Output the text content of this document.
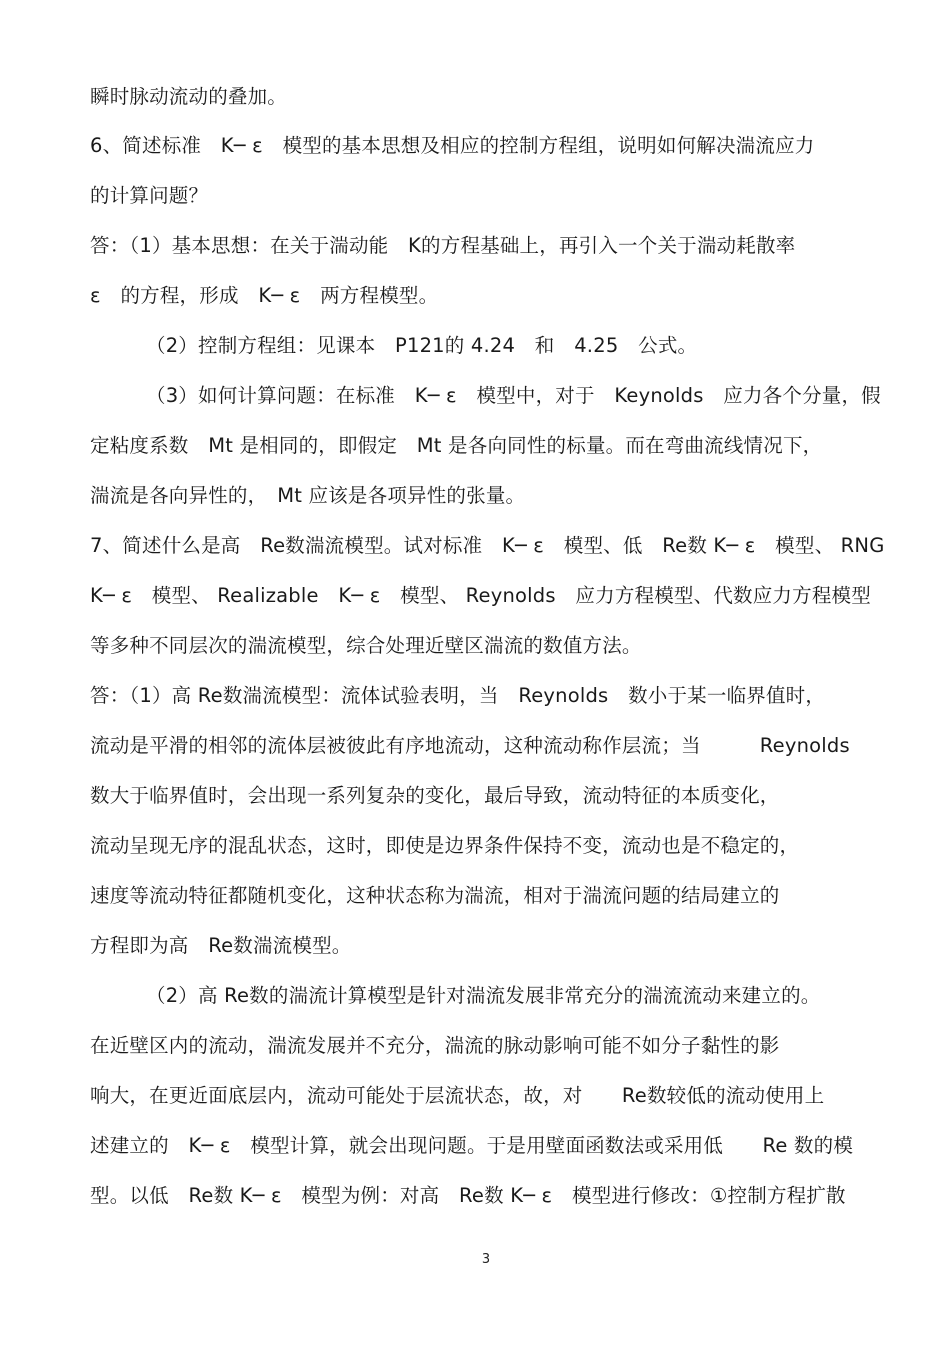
瞬时脉动流动的叠加。
6、简述标准　K─ ε　模型的基本思想及相应的控制方程组，说明如何解决湍流应力
的计算问题？
答：（1）基本思想：在关于湍动能　K的方程基础上，再引入一个关于湍动耗散率
ε　的方程，形成　K─ ε　两方程模型。
（2）控制方程组：见课本　P121的 4.24　和　4.25　公式。
（3）如何计算问题：在标准　K─ ε　模型中，对于　Keynolds　应力各个分量，假
定粘度系数　Mt 是相同的，即假定　Mt 是各向同性的标量。而在弯曲流线情况下，
湍流是各向异性的，　Mt 应该是各项异性的张量。
7、简述什么是高　Re数湍流模型。试对标准　K─ ε　模型、低　Re数 K─ ε　模型、 RNG
K─ ε　模型、 Realizable　K─ ε　模型、 Reynolds　应力方程模型、代数应力方程模型
等多种不同层次的湍流模型，综合处理近壁区湍流的数值方法。
答：（1）高 Re数湍流模型：流体试验表明，当　Reynolds　数小于某一临界值时，
流动是平滑的相邻的流体层被彼此有序地流动，这种流动称作层流；当　　　Reynolds
数大于临界值时，会出现一系列复杂的变化，最后导致，流动特征的本质变化，
流动呈现无序的混乱状态，这时，即使是边界条件保持不变，流动也是不稳定的，
速度等流动特征都随机变化，这种状态称为湍流，相对于湍流问题的结局建立的
方程即为高　Re数湍流模型。
（2）高 Re数的湍流计算模型是针对湍流发展非常充分的湍流流动来建立的。
在近壁区内的流动，湍流发展并不充分，湍流的脉动影响可能不如分子黏性的影
响大，在更近面底层内，流动可能处于层流状态，故，对　　Re数较低的流动使用上
述建立的　K─ ε　模型计算，就会出现问题。于是用壁面函数法或采用低　　Re 数的模
型。以低　Re数 K─ ε　模型为例：对高　Re数 K─ ε　模型进行修改：①控制方程扩散
3
